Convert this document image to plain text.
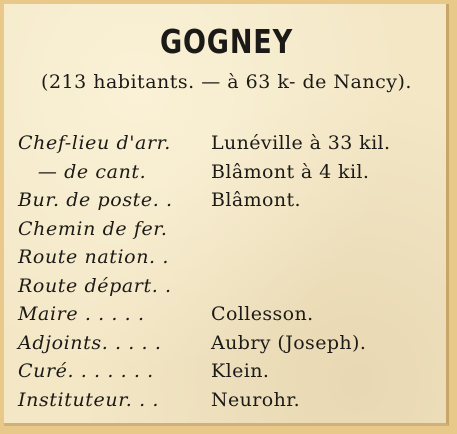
GOGNEY
(213 habitants. — à 63 k- de Nancy).
Chef-lieu d'arr.	Lunéville à 33 kil.
— de cant.	Blâmont à 4 kil.
Bur. de poste. .	Blâmont.
Chemin de fer.
Route nation. .
Route départ. .
Maire . . . . .	Collesson.
Adjoints. . . . .	Aubry (Joseph).
Curé. . . . . . .	Klein.
Instituteur. . .	Neurohr.
